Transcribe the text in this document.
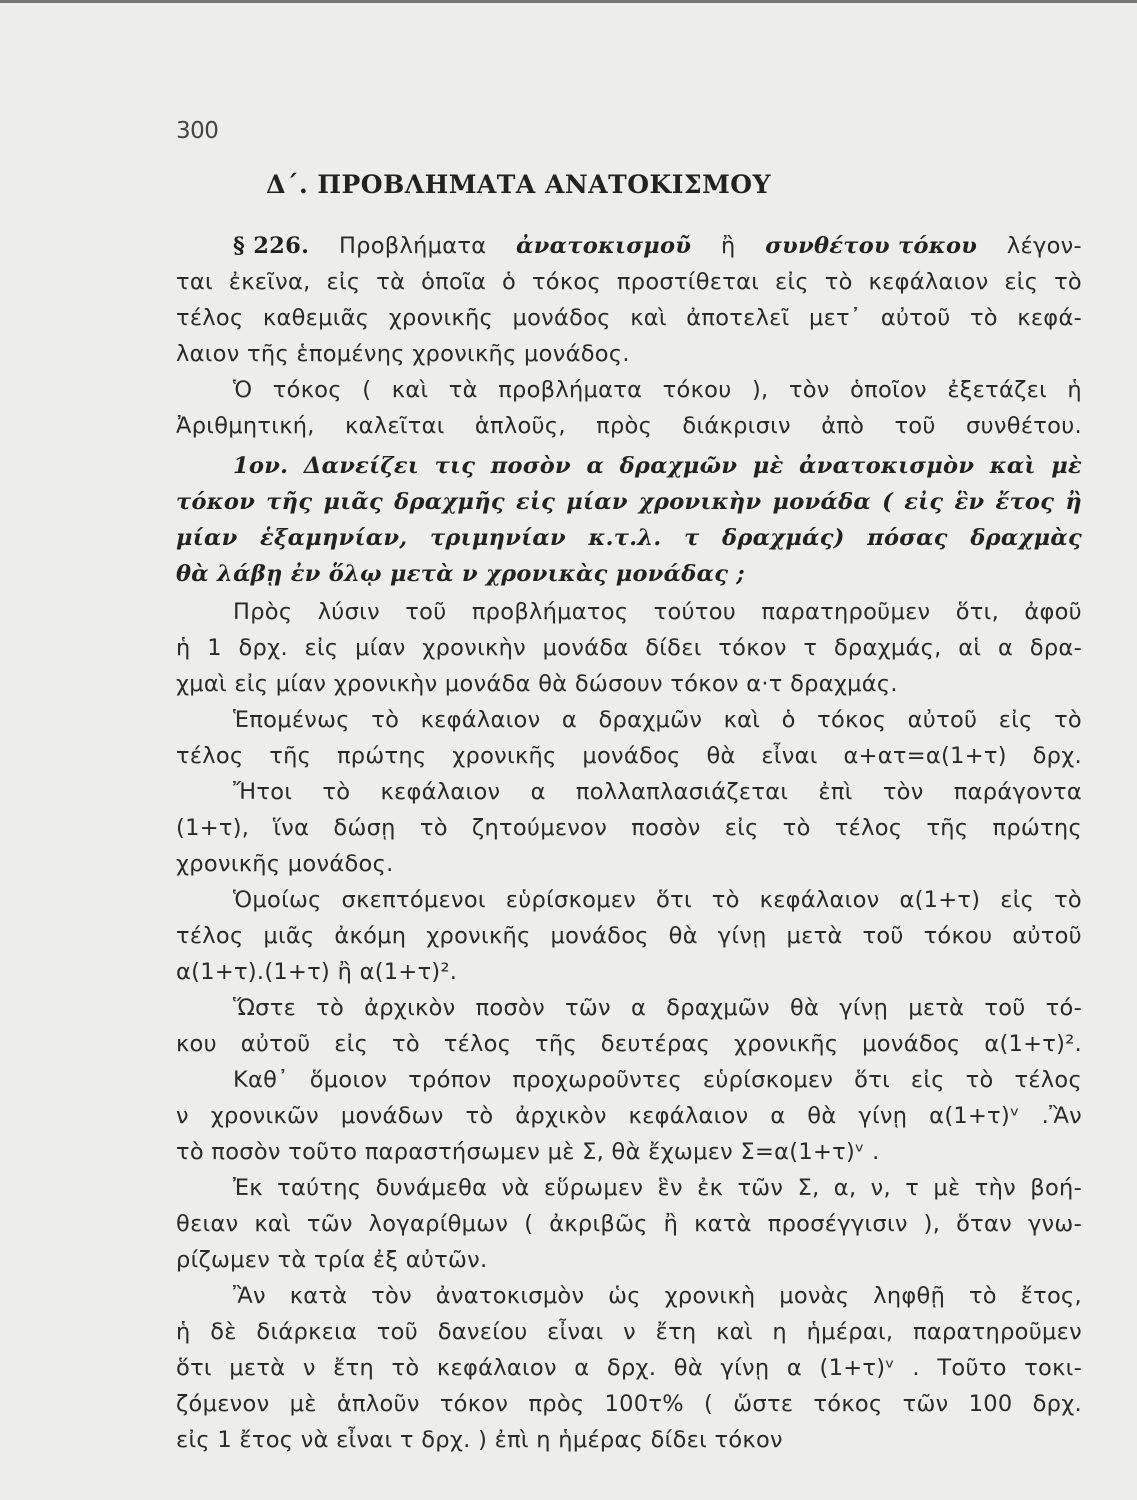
300
Δ΄. ΠΡΟΒΛΗΜΑΤΑ ΑΝΑΤΟΚΙΣΜΟΥ
§ 226. Προβλήματα ἀνατοκισμοῦ ἢ συνθέτου τόκου λέγον-
ται ἐκεῖνα, εἰς τὰ ὁποῖα ὁ τόκος προστίθεται εἰς τὸ κεφάλαιον εἰς τὸ
τέλος καθεμιᾶς χρονικῆς μονάδος καὶ ἀποτελεῖ μετ᾽ αὐτοῦ τὸ κεφά-
λαιον τῆς ἑπομένης χρονικῆς μονάδος.
Ὁ τόκος ( καὶ τὰ προβλήματα τόκου ), τὸν ὁποῖον ἐξετάζει ἡ
Ἀριθμητική, καλεῖται ἁπλοῦς, πρὸς διάκρισιν ἀπὸ τοῦ συνθέτου.
1ον. Δανείζει τις ποσὸν α δραχμῶν μὲ ἀνατοκισμὸν καὶ μὲ
τόκον τῆς μιᾶς δραχμῆς εἰς μίαν χρονικὴν μονάδα ( εἰς ἓν ἔτος ἢ
μίαν ἑξαμηνίαν, τριμηνίαν κ.τ.λ. τ δραχμάς) πόσας δραχμὰς
θὰ λάβῃ ἐν ὅλῳ μετὰ ν χρονικὰς μονάδας ;
Πρὸς λύσιν τοῦ προβλήματος τούτου παρατηροῦμεν ὅτι, ἀφοῦ
ἡ 1 δρχ. εἰς μίαν χρονικὴν μονάδα δίδει τόκον τ δραχμάς, αἱ α δρα-
χμαὶ εἰς μίαν χρονικὴν μονάδα θὰ δώσουν τόκον α·τ δραχμάς.
Ἑπομένως τὸ κεφάλαιον α δραχμῶν καὶ ὁ τόκος αὐτοῦ εἰς τὸ
τέλος τῆς πρώτης χρονικῆς μονάδος θὰ εἶναι α+ατ=α(1+τ) δρχ.
Ἤτοι τὸ κεφάλαιον α πολλαπλασιάζεται ἐπὶ τὸν παράγοντα
(1+τ), ἵνα δώσῃ τὸ ζητούμενον ποσὸν εἰς τὸ τέλος τῆς πρώτης
χρονικῆς μονάδος.
Ὁμοίως σκεπτόμενοι εὑρίσκομεν ὅτι τὸ κεφάλαιον α(1+τ) εἰς τὸ
τέλος μιᾶς ἀκόμη χρονικῆς μονάδος θὰ γίνῃ μετὰ τοῦ τόκου αὐτοῦ
α(1+τ).(1+τ) ἢ α(1+τ)².
Ὥστε τὸ ἀρχικὸν ποσὸν τῶν α δραχμῶν θὰ γίνῃ μετὰ τοῦ τό-
κου αὐτοῦ εἰς τὸ τέλος τῆς δευτέρας χρονικῆς μονάδος α(1+τ)².
Καθ᾽ ὅμοιον τρόπον προχωροῦντες εὑρίσκομεν ὅτι εἰς τὸ τέλος
ν χρονικῶν μονάδων τὸ ἀρχικὸν κεφάλαιον α θὰ γίνῃ α(1+τ)ᵛ .Ἂν
τὸ ποσὸν τοῦτο παραστήσωμεν μὲ Σ, θὰ ἔχωμεν Σ=α(1+τ)ᵛ .
Ἐκ ταύτης δυνάμεθα νὰ εὕρωμεν ἓν ἐκ τῶν Σ, α, ν, τ μὲ τὴν βοή-
θειαν καὶ τῶν λογαρίθμων ( ἀκριβῶς ἢ κατὰ προσέγγισιν ), ὅταν γνω-
ρίζωμεν τὰ τρία ἐξ αὐτῶν.
Ἂν κατὰ τὸν ἀνατοκισμὸν ὡς χρονικὴ μονὰς ληφθῇ τὸ ἔτος,
ἡ δὲ διάρκεια τοῦ δανείου εἶναι ν ἔτη καὶ η ἡμέραι, παρατηροῦμεν
ὅτι μετὰ ν ἔτη τὸ κεφάλαιον α δρχ. θὰ γίνῃ α (1+τ)ᵛ . Τοῦτο τοκι-
ζόμενον μὲ ἁπλοῦν τόκον πρὸς 100τ% ( ὥστε τόκος τῶν 100 δρχ.
εἰς 1 ἔτος νὰ εἶναι τ δρχ. ) ἐπὶ η ἡμέρας δίδει τόκον
